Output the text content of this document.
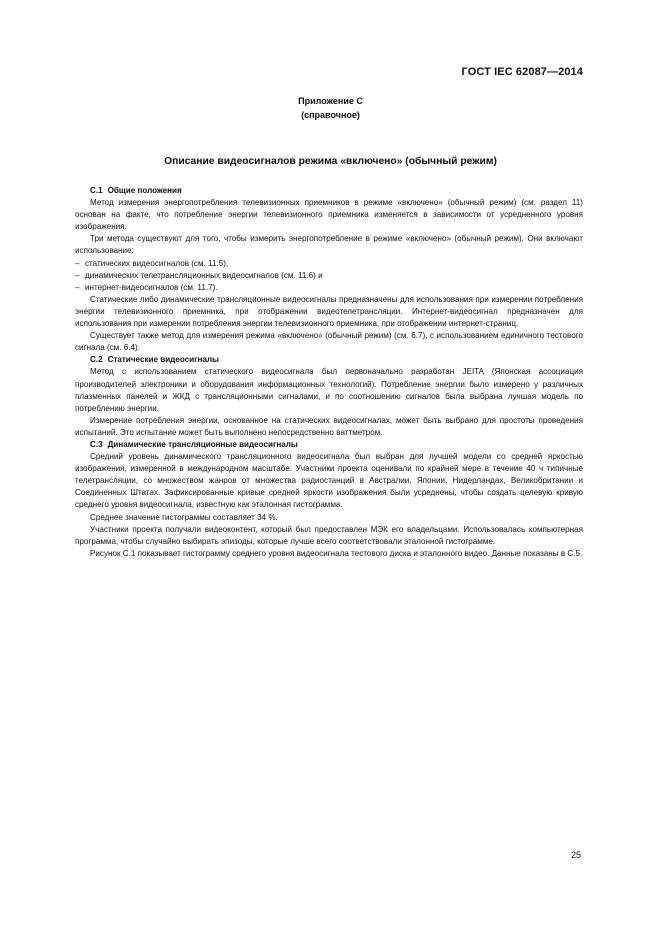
ГОСТ IEC 62087—2014
Приложение С
(справочное)
Описание видеосигналов режима «включено» (обычный режим)

С.1 Общие положения

Метод измерения энергопотребления телевизионных приемников в режиме «включено» (обычный режим) (см. раздел 11) основан на факте, что потребление энергии телевизионного приемника изменяется в зависимости от усредненного уровня изображения.

Три метода существуют для того, чтобы измерить энергопотребление в режиме «включено» (обычный режим). Они включают использование:

– статических видеосигналов (см. 11.5),

– динамических телетрансляционных видеосигналов (см. 11.6) и

– интернет-видеосигналов (см. 11.7).

Статические либо динамические трансляционные видеосигналы предназначены для использования при измерении потребления энергии телевизионного приемника, при отображении видеотелетрансляции. Интернет-видеосигнал предназначен для использования при измерении потребления энергии телевизионного приемника, при отображении интернет-страниц.

Существует также метод для измерения режима «включено» (обычный режим) (см. 6.7), с использованием единичного тестового сигнала (см. 6.4).

С.2 Статические видеосигналы

Метод с использованием статического видеосигнала был первоначально разработан JEITA (Японская ассоциация производителей электроники и оборудования информационных технологий). Потребление энергии было измерено у различных плазменных панелей и ЖКД с трансляционными сигналами, и по соотношению сигналов была выбрана лучшая модель по потреблению энергии.

Измерение потребления энергии, основанное на статических видеосигналах, может быть выбрано для простоты проведения испытаний. Это испытание может быть выполнено непосредственно ваттметром.

С.3 Динамические трансляционные видеосигналы

Средний уровень динамического трансляционного видеосигнала был выбран для лучшей модели со средней яркостью изображения, измеренной в международном масштабе. Участники проекта оценивали по крайней мере в течение 40 ч типичные телетрансляции, со множеством жанров от множества радиостанций в Австралии, Японии, Нидерландах, Великобритании и Соединенных Штатах. Зафиксированные кривые средней яркости изображения были усреднены, чтобы создать целевую кривую среднего уровня видеосигнала, известную как эталонная гистограмма.

Среднее значение гистограммы составляет 34 %.

Участники проекта получали видеоконтент, который был предоставлен МЭК его владельцами. Использовалась компьютерная программа, чтобы случайно выбирать эпизоды, которые лучше всего соответствовали эталонной гистограмме.

Рисунок С.1 показывает гистограмму среднего уровня видеосигнала тестового диска и эталонного видео. Данные показаны в С.5.

25
